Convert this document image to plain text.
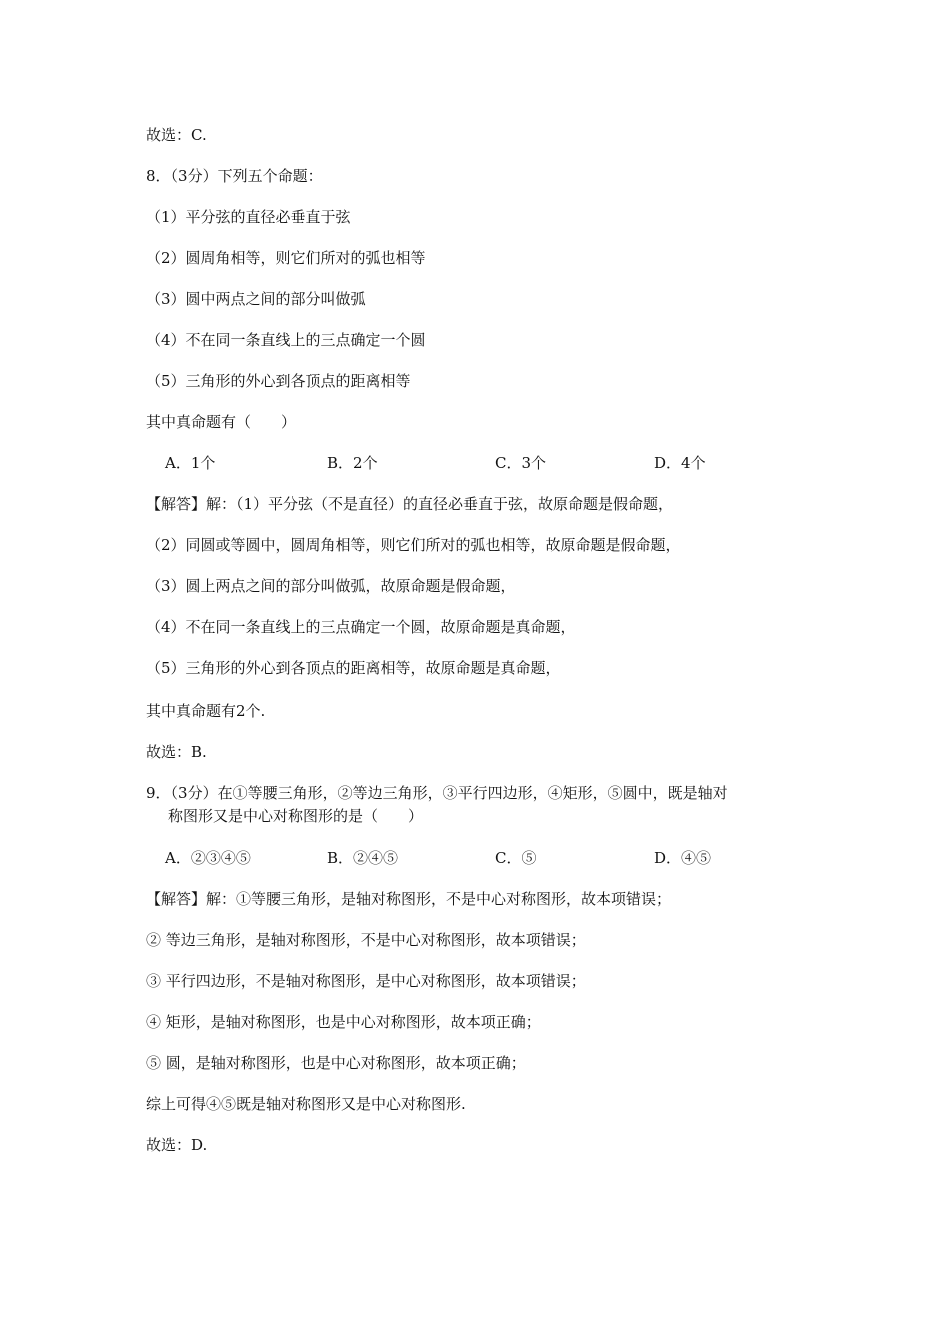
故选：C.
8．（3分）下列五个命题：
（1）平分弦的直径必垂直于弦
（2）圆周角相等，则它们所对的弧也相等
（3）圆中两点之间的部分叫做弧
（4）不在同一条直线上的三点确定一个圆
（5）三角形的外心到各顶点的距离相等
其中真命题有（　　）
A．1个	B．2个	C．3个	D．4个
【解答】解：（1）平分弦（不是直径）的直径必垂直于弦，故原命题是假命题，
（2）同圆或等圆中，圆周角相等，则它们所对的弧也相等，故原命题是假命题，
（3）圆上两点之间的部分叫做弧，故原命题是假命题，
（4）不在同一条直线上的三点确定一个圆，故原命题是真命题，
（5）三角形的外心到各顶点的距离相等，故原命题是真命题，
其中真命题有2个.
故选：B.
9．（3分）在①等腰三角形，②等边三角形，③平行四边形，④矩形，⑤圆中，既是轴对
称图形又是中心对称图形的是（　　）
A．②③④⑤	B．②④⑤	C．⑤	D．④⑤
【解答】解：①等腰三角形，是轴对称图形，不是中心对称图形，故本项错误；
② 等边三角形，是轴对称图形，不是中心对称图形，故本项错误；
③ 平行四边形，不是轴对称图形，是中心对称图形，故本项错误；
④ 矩形，是轴对称图形，也是中心对称图形，故本项正确；
⑤ 圆，是轴对称图形，也是中心对称图形，故本项正确；
综上可得④⑤既是轴对称图形又是中心对称图形.
故选：D.
